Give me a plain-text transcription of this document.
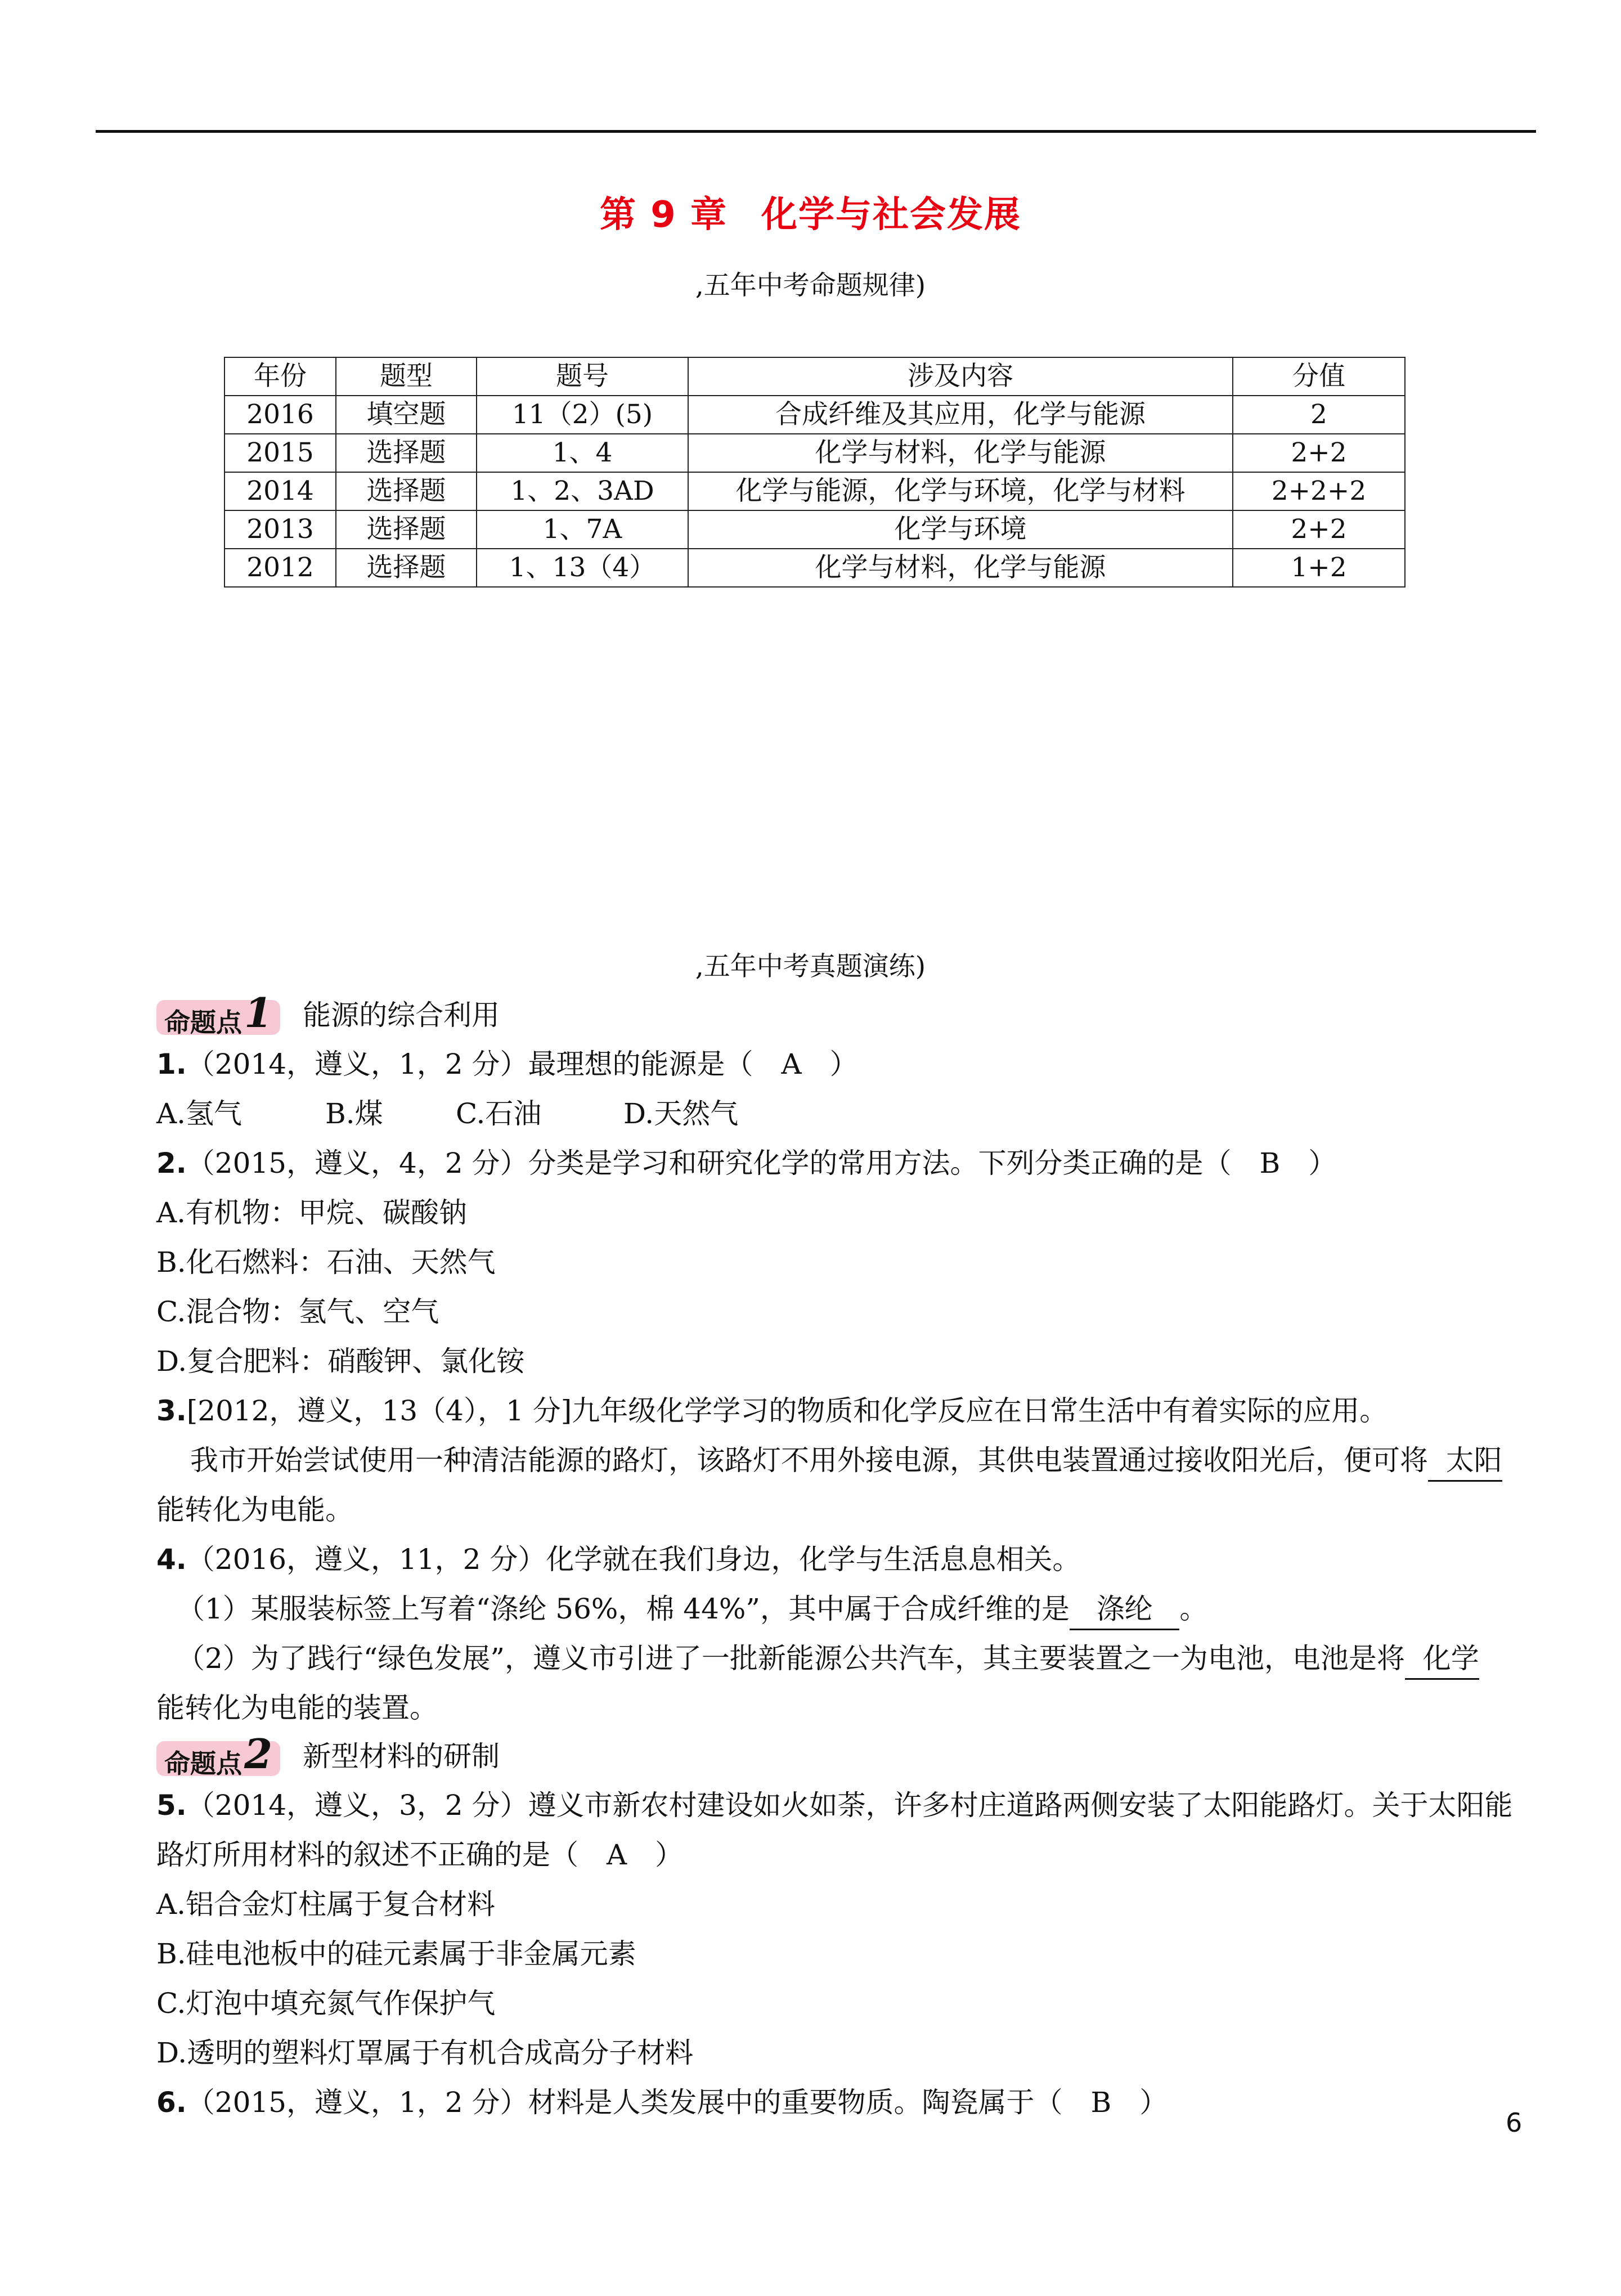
第 9 章 化学与社会发展
,五年中考命题规律)
年份	题型	题号	涉及内容	分值
2016	填空题	11（2）(5)	合成纤维及其应用，化学与能源	2
2015	选择题	1、4	化学与材料，化学与能源	2+2
2014	选择题	1、2、3AD	化学与能源，化学与环境，化学与材料	2+2+2
2013	选择题	1、7A	化学与环境	2+2
2012	选择题	1、13（4）	化学与材料，化学与能源	1+2
,五年中考真题演练)
命题点1 能源的综合利用
1.（2014，遵义，1，2 分）最理想的能源是（　A　）
A.氢气	B.煤	C.石油	D.天然气
2.（2015，遵义，4，2 分）分类是学习和研究化学的常用方法。下列分类正确的是（　B　）
A.有机物：甲烷、碳酸钠
B.化石燃料：石油、天然气
C.混合物：氢气、空气
D.复合肥料：硝酸钾、氯化铵
3.[2012，遵义，13（4），1 分]九年级化学学习的物质和化学反应在日常生活中有着实际的应用。
我市开始尝试使用一种清洁能源的路灯，该路灯不用外接电源，其供电装置通过接收阳光后，便可将 太阳
能转化为电能。
4.（2016，遵义，11，2 分）化学就在我们身边，化学与生活息息相关。
（1）某服装标签上写着“涤纶 56%，棉 44%”，其中属于合成纤维的是 涤纶 。
（2）为了践行“绿色发展”，遵义市引进了一批新能源公共汽车，其主要装置之一为电池，电池是将 化学
能转化为电能的装置。
命题点2 新型材料的研制
5.（2014，遵义，3，2 分）遵义市新农村建设如火如荼，许多村庄道路两侧安装了太阳能路灯。关于太阳能
路灯所用材料的叙述不正确的是（　A　）
A.铝合金灯柱属于复合材料
B.硅电池板中的硅元素属于非金属元素
C.灯泡中填充氮气作保护气
D.透明的塑料灯罩属于有机合成高分子材料
6.（2015，遵义，1，2 分）材料是人类发展中的重要物质。陶瓷属于（　B　）
6
